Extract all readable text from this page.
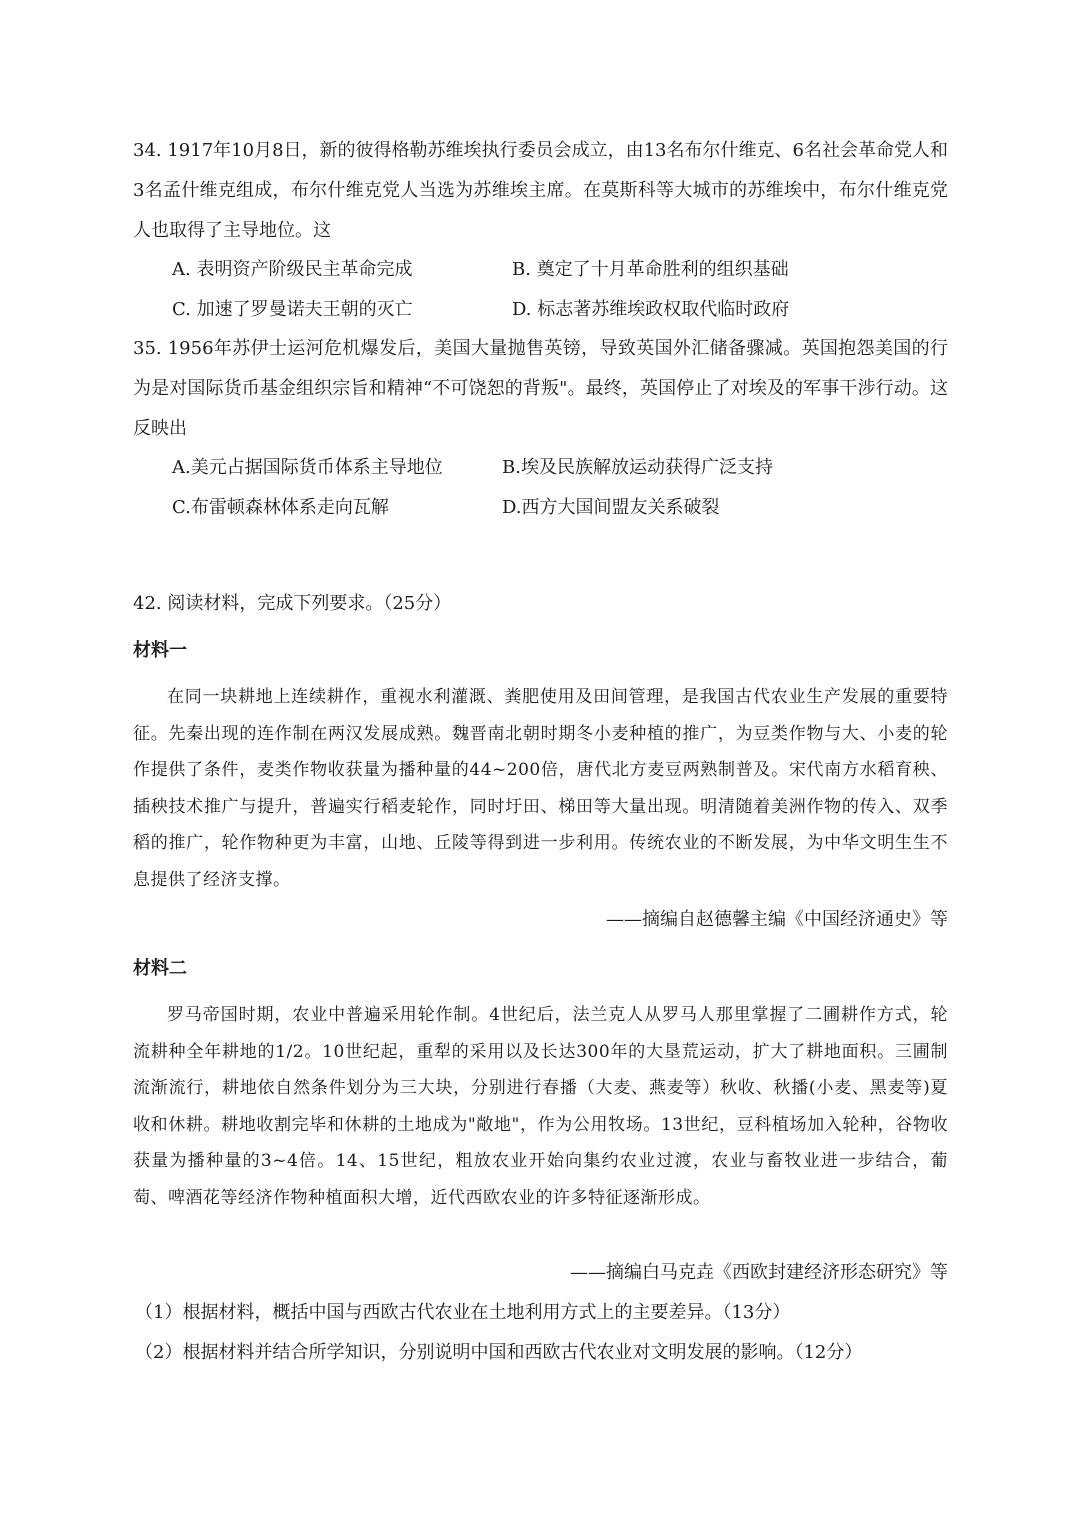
34. 1917年10月8日，新的彼得格勒苏维埃执行委员会成立，由13名布尔什维克、6名社会革命党人和3名孟什维克组成，布尔什维克党人当选为苏维埃主席。在莫斯科等大城市的苏维埃中，布尔什维克党人也取得了主导地位。这
A. 表明资产阶级民主革命完成	B. 奠定了十月革命胜利的组织基础
C. 加速了罗曼诺夫王朝的灭亡	D. 标志著苏维埃政权取代临时政府
35. 1956年苏伊士运河危机爆发后，美国大量抛售英镑，导致英国外汇储备骤减。英国抱怨美国的行为是对国际货币基金组织宗旨和精神“不可饶恕的背叛"。最终，英国停止了对埃及的军事干涉行动。这反映出
A.美元占据国际货币体系主导地位	B.埃及民族解放运动获得广泛支持
C.布雷顿森林体系走向瓦解	D.西方大国间盟友关系破裂
42. 阅读材料，完成下列要求。（25分）
材料一
在同一块耕地上连续耕作，重视水利灌溉、粪肥使用及田间管理，是我国古代农业生产发展的重要特征。先秦出现的连作制在两汉发展成熟。魏晋南北朝时期冬小麦种植的推广，为豆类作物与大、小麦的轮作提供了条件，麦类作物收获量为播种量的44~200倍，唐代北方麦豆两熟制普及。宋代南方水稻育秧、插秧技术推广与提升，普遍实行稻麦轮作，同时圩田、梯田等大量出现。明清随着美洲作物的传入、双季稻的推广，轮作物种更为丰富，山地、丘陵等得到进一步利用。传统农业的不断发展，为中华文明生生不息提供了经济支撑。
——摘编自赵德馨主编《中国经济通史》等
材料二
罗马帝国时期，农业中普遍采用轮作制。4世纪后，法兰克人从罗马人那里掌握了二圃耕作方式，轮流耕种全年耕地的1/2。10世纪起，重犁的采用以及长达300年的大垦荒运动，扩大了耕地面积。三圃制流渐流行，耕地依自然条件划分为三大块，分别进行春播（大麦、燕麦等）秋收、秋播(小麦、黑麦等)夏收和休耕。耕地收割完毕和休耕的土地成为"敞地"，作为公用牧场。13世纪，豆科植场加入轮种，谷物收获量为播种量的3~4倍。14、15世纪，粗放农业开始向集约农业过渡，农业与畜牧业进一步结合，葡萄、啤酒花等经济作物种植面积大增，近代西欧农业的许多特征逐渐形成。
——摘编白马克垚《西欧封建经济形态研究》等
（1）根据材料，概括中国与西欧古代农业在土地利用方式上的主要差异。（13分）
（2）根据材料并结合所学知识，分别说明中国和西欧古代农业对文明发展的影响。（12分）
